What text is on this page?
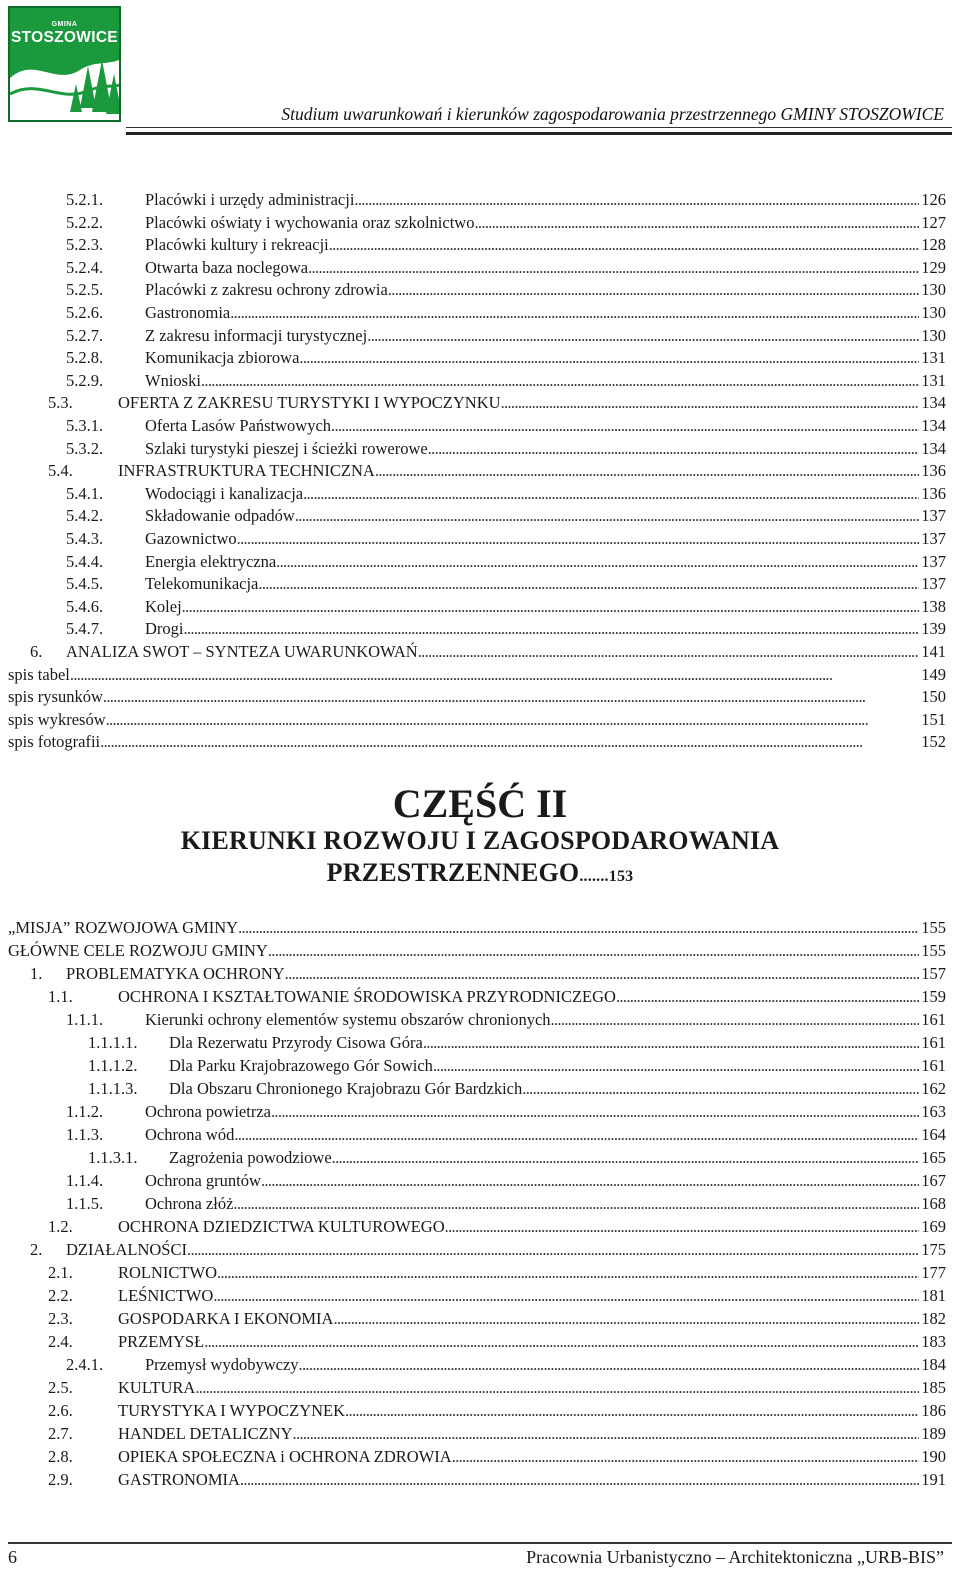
GMINA
STOSZOWICE
Studium uwarunkowań i kierunków zagospodarowania przestrzennego GMINY STOSZOWICE
5.2.1.	Placówki i urzędy administracji . . .	126
5.2.2.	Placówki oświaty i wychowania oraz szkolnictwo . . .	127
5.2.3.	Placówki kultury i rekreacji . . .	128
5.2.4.	Otwarta baza noclegowa . . .	129
5.2.5.	Placówki z zakresu ochrony zdrowia . . .	130
5.2.6.	Gastronomia . . .	130
5.2.7.	Z zakresu informacji turystycznej . . .	130
5.2.8.	Komunikacja zbiorowa . . .	131
5.2.9.	Wnioski . . .	131
5.3.	OFERTA Z ZAKRESU TURYSTYKI I WYPOCZYNKU . . .	134
5.3.1.	Oferta Lasów Państwowych . . .	134
5.3.2.	Szlaki turystyki pieszej i ścieżki rowerowe . . .	134
5.4.	INFRASTRUKTURA TECHNICZNA . . .	136
5.4.1.	Wodociągi i kanalizacja . . .	136
5.4.2.	Składowanie odpadów . . .	137
5.4.3.	Gazownictwo . . .	137
5.4.4.	Energia elektryczna . . .	137
5.4.5.	Telekomunikacja . . .	137
5.4.6.	Kolej . . .	138
5.4.7.	Drogi . . .	139
6.	ANALIZA SWOT – SYNTEZA UWARUNKOWAŃ . . .	141
spis tabel . . .	149
spis rysunków . . .	150
spis wykresów . . .	151
spis fotografii . . .	152
CZĘŚĆ II
KIERUNKI ROZWOJU I ZAGOSPODAROWANIA
PRZESTRZENNEGO.......153
„MISJA” ROZWOJOWA GMINY . . .	155
GŁÓWNE CELE ROZWOJU GMINY . . .	155
1.	PROBLEMATYKA OCHRONY . . .	157
1.1.	OCHRONA I KSZTAŁTOWANIE ŚRODOWISKA PRZYRODNICZEGO . . .	159
1.1.1.	Kierunki ochrony elementów systemu obszarów chronionych . . .	161
1.1.1.1.	Dla Rezerwatu Przyrody Cisowa Góra . . .	161
1.1.1.2.	Dla Parku Krajobrazowego Gór Sowich . . .	161
1.1.1.3.	Dla Obszaru Chronionego Krajobrazu Gór Bardzkich . . .	162
1.1.2.	Ochrona powietrza . . .	163
1.1.3.	Ochrona wód . . .	164
1.1.3.1.	Zagrożenia powodziowe . . .	165
1.1.4.	Ochrona gruntów . . .	167
1.1.5.	Ochrona złóż . . .	168
1.2.	OCHRONA DZIEDZICTWA KULTUROWEGO . . .	169
2.	DZIAŁALNOŚCI . . .	175
2.1.	ROLNICTWO . . .	177
2.2.	LEŚNICTWO . . .	181
2.3.	GOSPODARKA I EKONOMIA . . .	182
2.4.	PRZEMYSŁ . . .	183
2.4.1.	Przemysł wydobywczy . . .	184
2.5.	KULTURA . . .	185
2.6.	TURYSTYKA I WYPOCZYNEK . . .	186
2.7.	HANDEL DETALICZNY . . .	189
2.8.	OPIEKA SPOŁECZNA i OCHRONA ZDROWIA . . .	190
2.9.	GASTRONOMIA . . .	191
6	Pracownia Urbanistyczno – Architektoniczna „URB-BIS”
